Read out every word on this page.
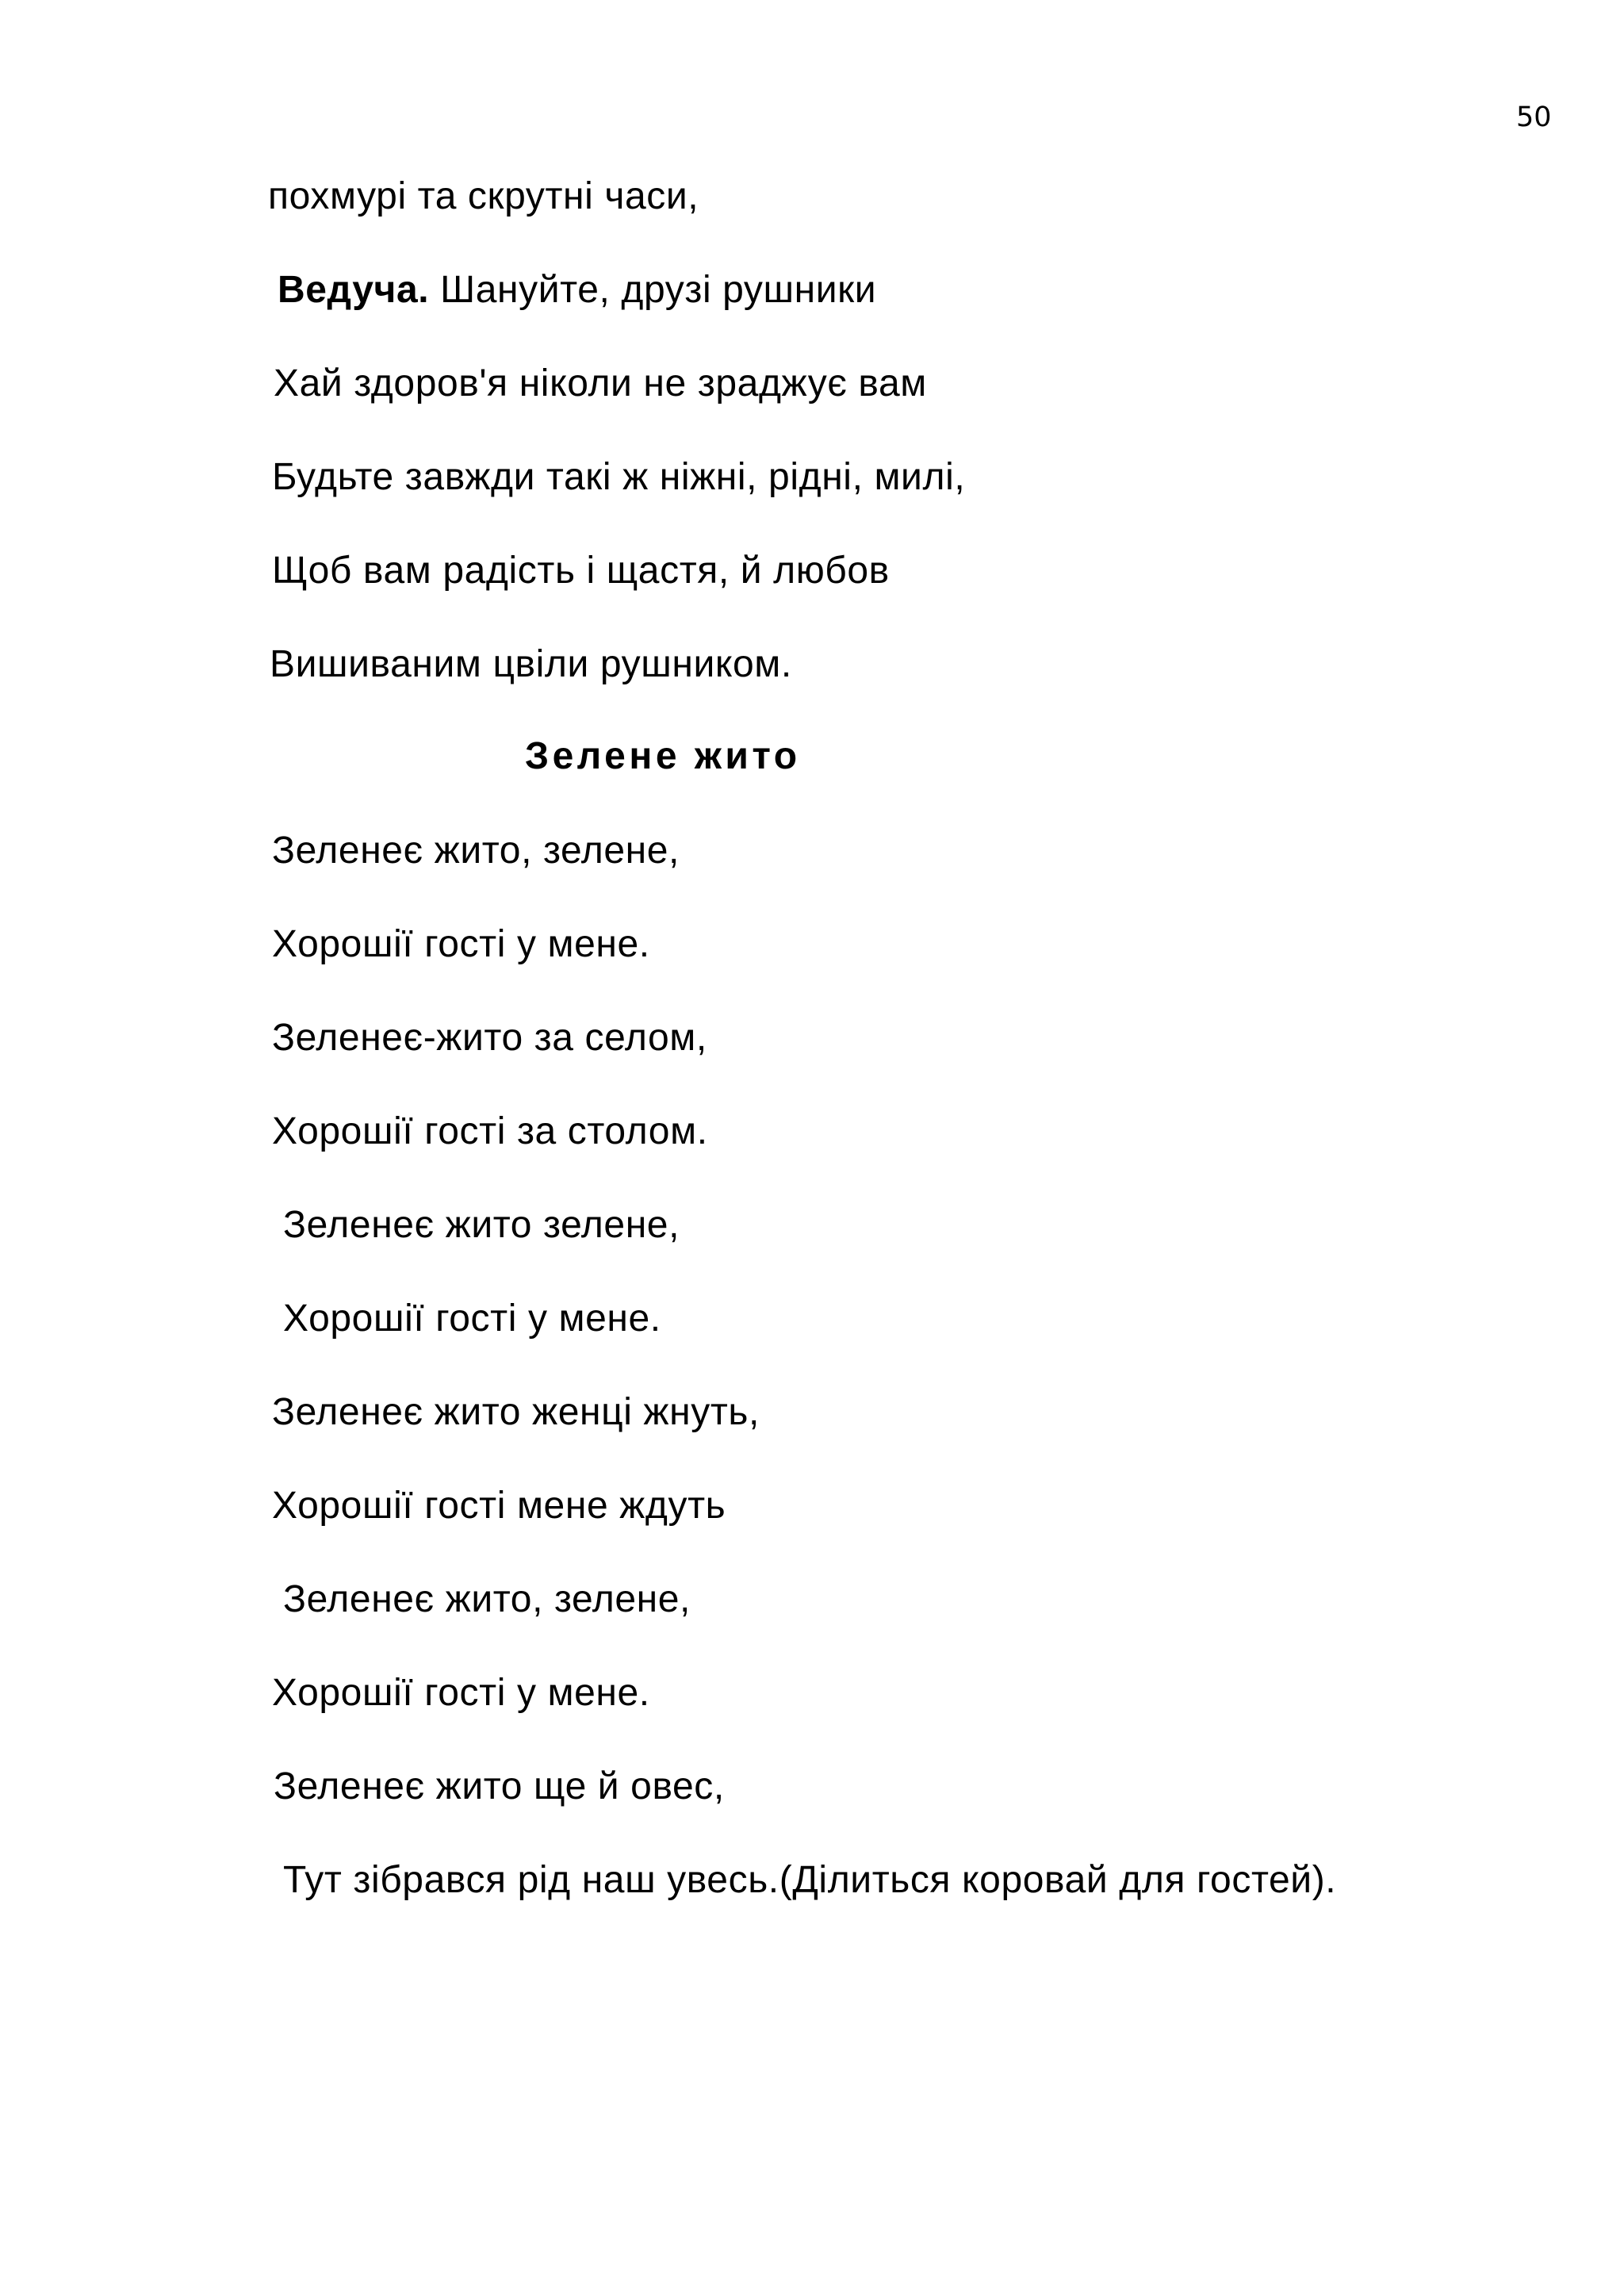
50
похмурі та скрутні часи,
Ведуча. Шануйте, друзі рушники
Хай здоров'я ніколи не зраджує вам
Будьте завжди такі ж ніжні, рідні, милі,
Щоб вам радість і щастя, й любов
Вишиваним цвіли рушником.
Зелене жито
Зеленеє жито, зелене,
Хорошії гості у мене.
Зеленеє-жито за селом,
Хорошії гості за столом.
Зеленеє жито зелене,
Хорошії гості у мене.
Зеленеє жито женці жнуть,
Хорошії гості мене ждуть
Зеленеє жито, зелене,
Хорошії гості у мене.
Зеленеє жито ще й овес,
Тут зібрався рід наш увесь.(Ділиться коровай для гостей).
